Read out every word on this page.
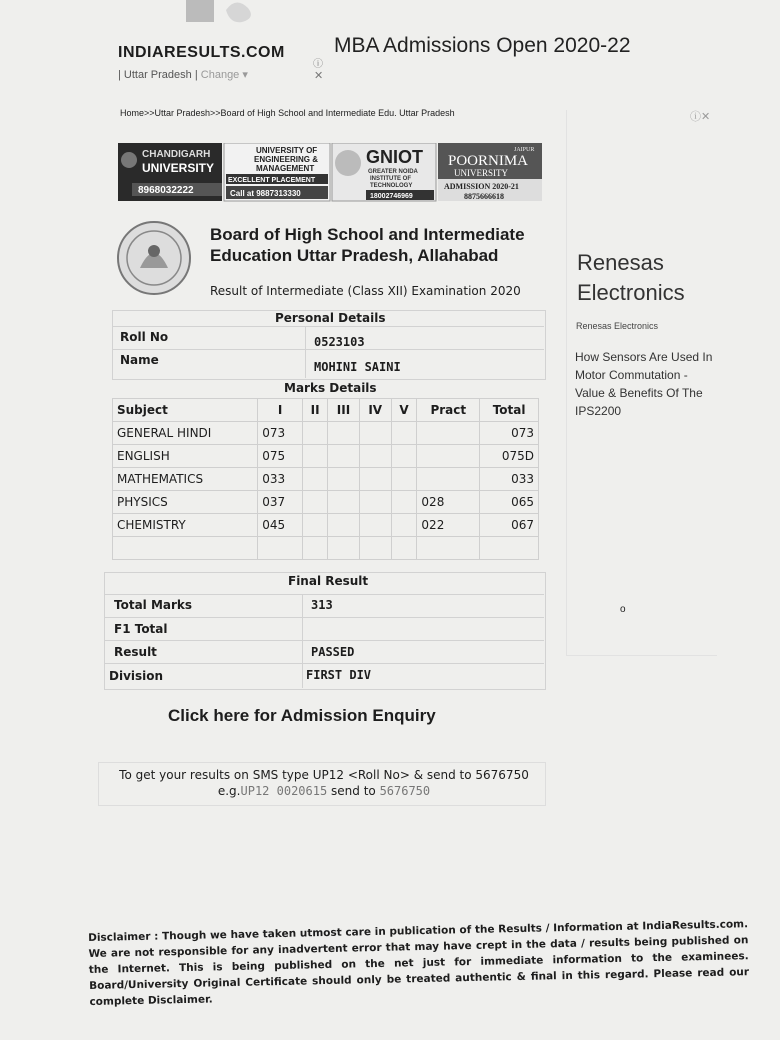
INDIARESULTS.COM
| Uttar Pradesh | Change ▾
ⓘ
✕
MBA Admissions Open 2020-22
Home>>Uttar Pradesh>>Board of High School and Intermediate Edu. Uttar Pradesh	ⓘ✕
CHANDIGARH
UNIVERSITY
8968032222
UNIVERSITY OF
ENGINEERING &
MANAGEMENT
EXCELLENT PLACEMENT
Call at 9887313330
GNIOT
GREATER NOIDA
INSTITUTE OF
TECHNOLOGY
18002746969
JAIPUR
POORNIMA
UNIVERSITY
ADMISSION 2020-21
8875666618
Board of High School and Intermediate
Education Uttar Pradesh, Allahabad
Result of Intermediate (Class XII) Examination 2020
Personal Details
Roll No	0523103
Name	MOHINI SAINI
Marks Details
Subject	I	II	III	IV	V	Pract	Total
GENERAL HINDI	073						073
ENGLISH	075						075D
MATHEMATICS	033						033
PHYSICS	037					028	065
CHEMISTRY	045					022	067

Final Result
Total Marks	313
F1 Total
Result	PASSED
Division	FIRST DIV
Click here for Admission Enquiry
To get your results on SMS type UP12 <Roll No> & send to 5676750
e.g.UP12 0020615 send to 5676750
Renesas
Electronics
Renesas Electronics
How Sensors Are Used In Motor Commutation - Value & Benefits Of The IPS2200
o
Disclaimer : Though we have taken utmost care in publication of the Results / Information at IndiaResults.com. We are not responsible for any inadvertent error that may have crept in the data / results being published on the Internet. This is being published on the net just for immediate information to the examinees. Board/University Original Certificate should only be treated authentic & final in this regard. Please read our complete Disclaimer.
